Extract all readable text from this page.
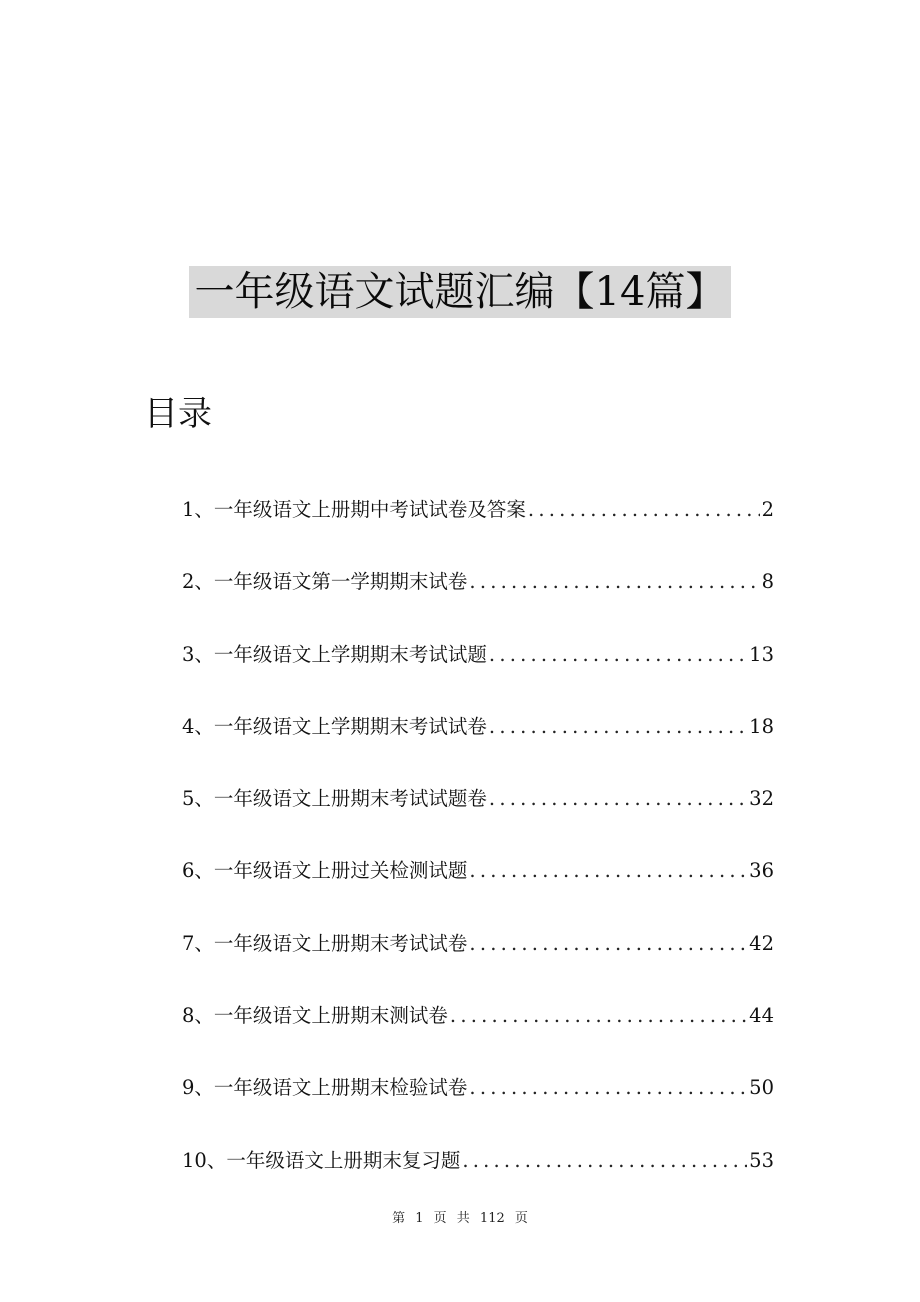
一年级语文试题汇编【14篇】
目录
1、一年级语文上册期中考试试卷及答案 . . .	2
2、一年级语文第一学期期末试卷 . . .	8
3、一年级语文上学期期末考试试题 . . .	13
4、一年级语文上学期期末考试试卷 . . .	18
5、一年级语文上册期末考试试题卷 . . .	32
6、一年级语文上册过关检测试题 . . .	36
7、一年级语文上册期末考试试卷 . . .	42
8、一年级语文上册期末测试卷 . . .	44
9、一年级语文上册期末检验试卷 . . .	50
10、一年级语文上册期末复习题 . . .	53
第 1 页 共 112 页
